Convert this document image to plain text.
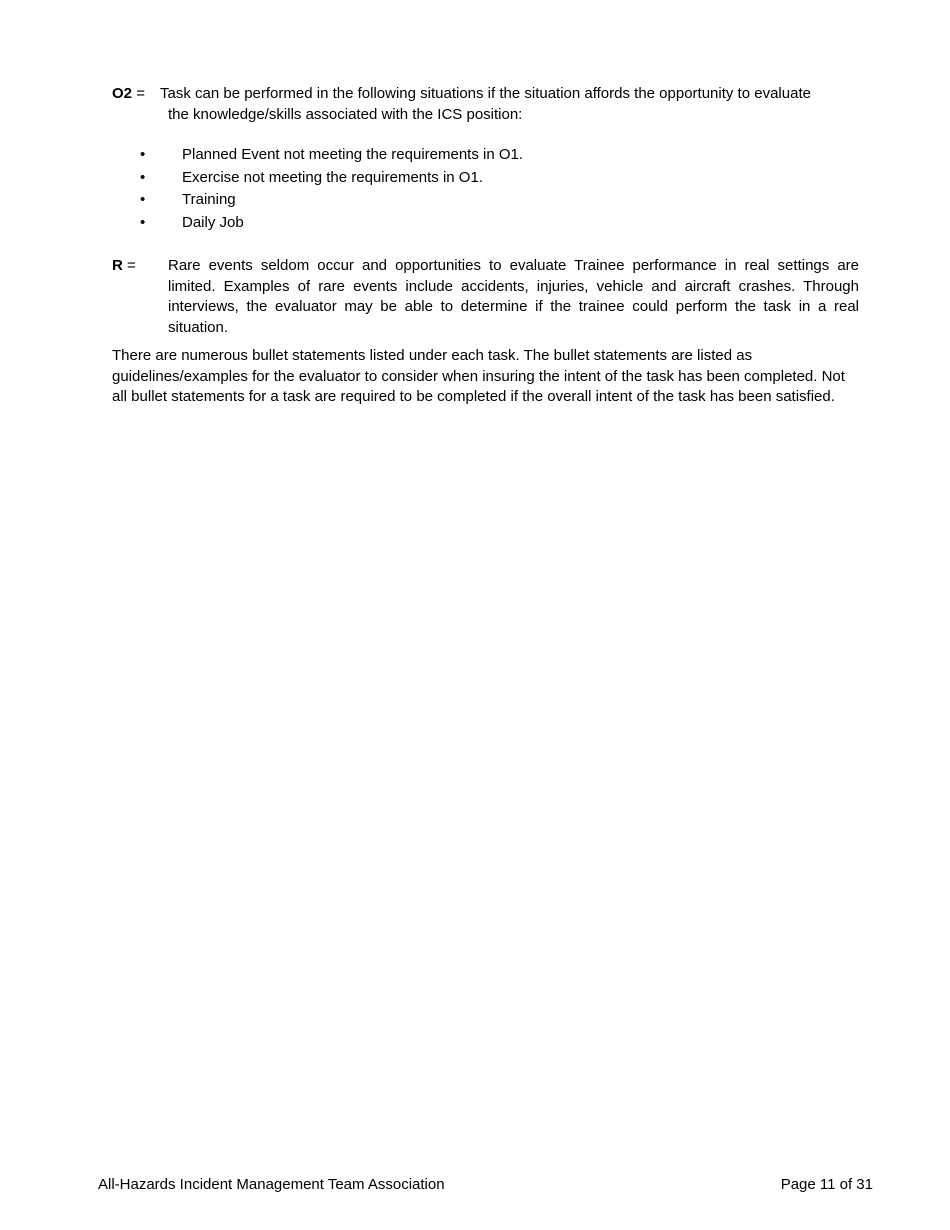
O2 = Task can be performed in the following situations if the situation affords the opportunity to evaluate
the knowledge/skills associated with the ICS position:
• Planned Event not meeting the requirements in O1.
• Exercise not meeting the requirements in O1.
• Training
• Daily Job
R =	Rare events seldom occur and opportunities to evaluate Trainee performance in real settings are limited. Examples of rare events include accidents, injuries, vehicle and aircraft crashes. Through interviews, the evaluator may be able to determine if the trainee could perform the task in a real situation.

There are numerous bullet statements listed under each task. The bullet statements are listed as guidelines/examples for the evaluator to consider when insuring the intent of the task has been completed. Not all bullet statements for a task are required to be completed if the overall intent of the task has been satisfied.

All-Hazards Incident Management Team Association	Page 11 of 31
